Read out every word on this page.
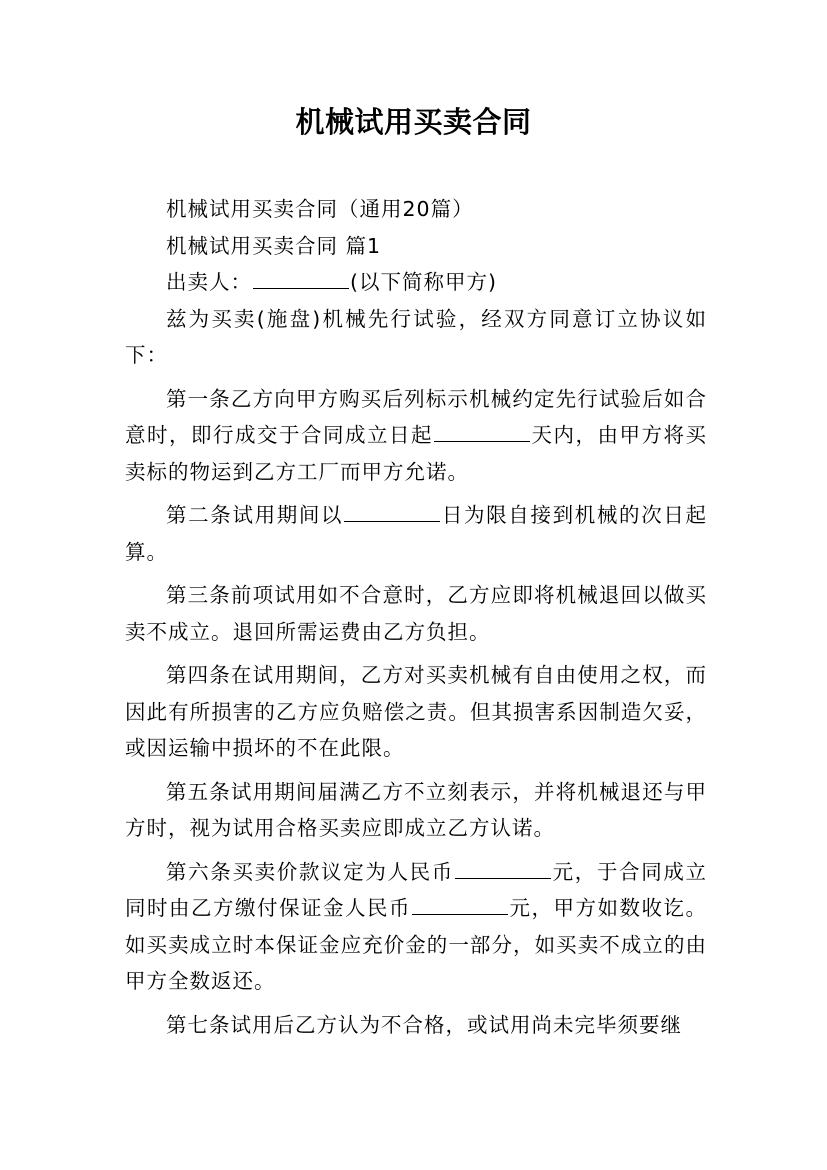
机械试用买卖合同

机械试用买卖合同（通用20篇）

机械试用买卖合同 篇1

出卖人：	(以下简称甲方)

兹为买卖(施盘)机械先行试验，经双方同意订立协议如下：

第一条乙方向甲方购买后列标示机械约定先行试验后如合意时，即行成交于合同成立日起	天内，由甲方将买卖标的物运到乙方工厂而甲方允诺。

第二条试用期间以	日为限自接到机械的次日起算。

第三条前项试用如不合意时，乙方应即将机械退回以做买卖不成立。退回所需运费由乙方负担。

第四条在试用期间，乙方对买卖机械有自由使用之权，而因此有所损害的乙方应负赔偿之责。但其损害系因制造欠妥，或因运输中损坏的不在此限。

第五条试用期间届满乙方不立刻表示，并将机械退还与甲方时，视为试用合格买卖应即成立乙方认诺。

第六条买卖价款议定为人民币	元，于合同成立同时由乙方缴付保证金人民币	元，甲方如数收讫。如买卖成立时本保证金应充价金的一部分，如买卖不成立的由甲方全数返还。

第七条试用后乙方认为不合格，或试用尚未完毕须要继
